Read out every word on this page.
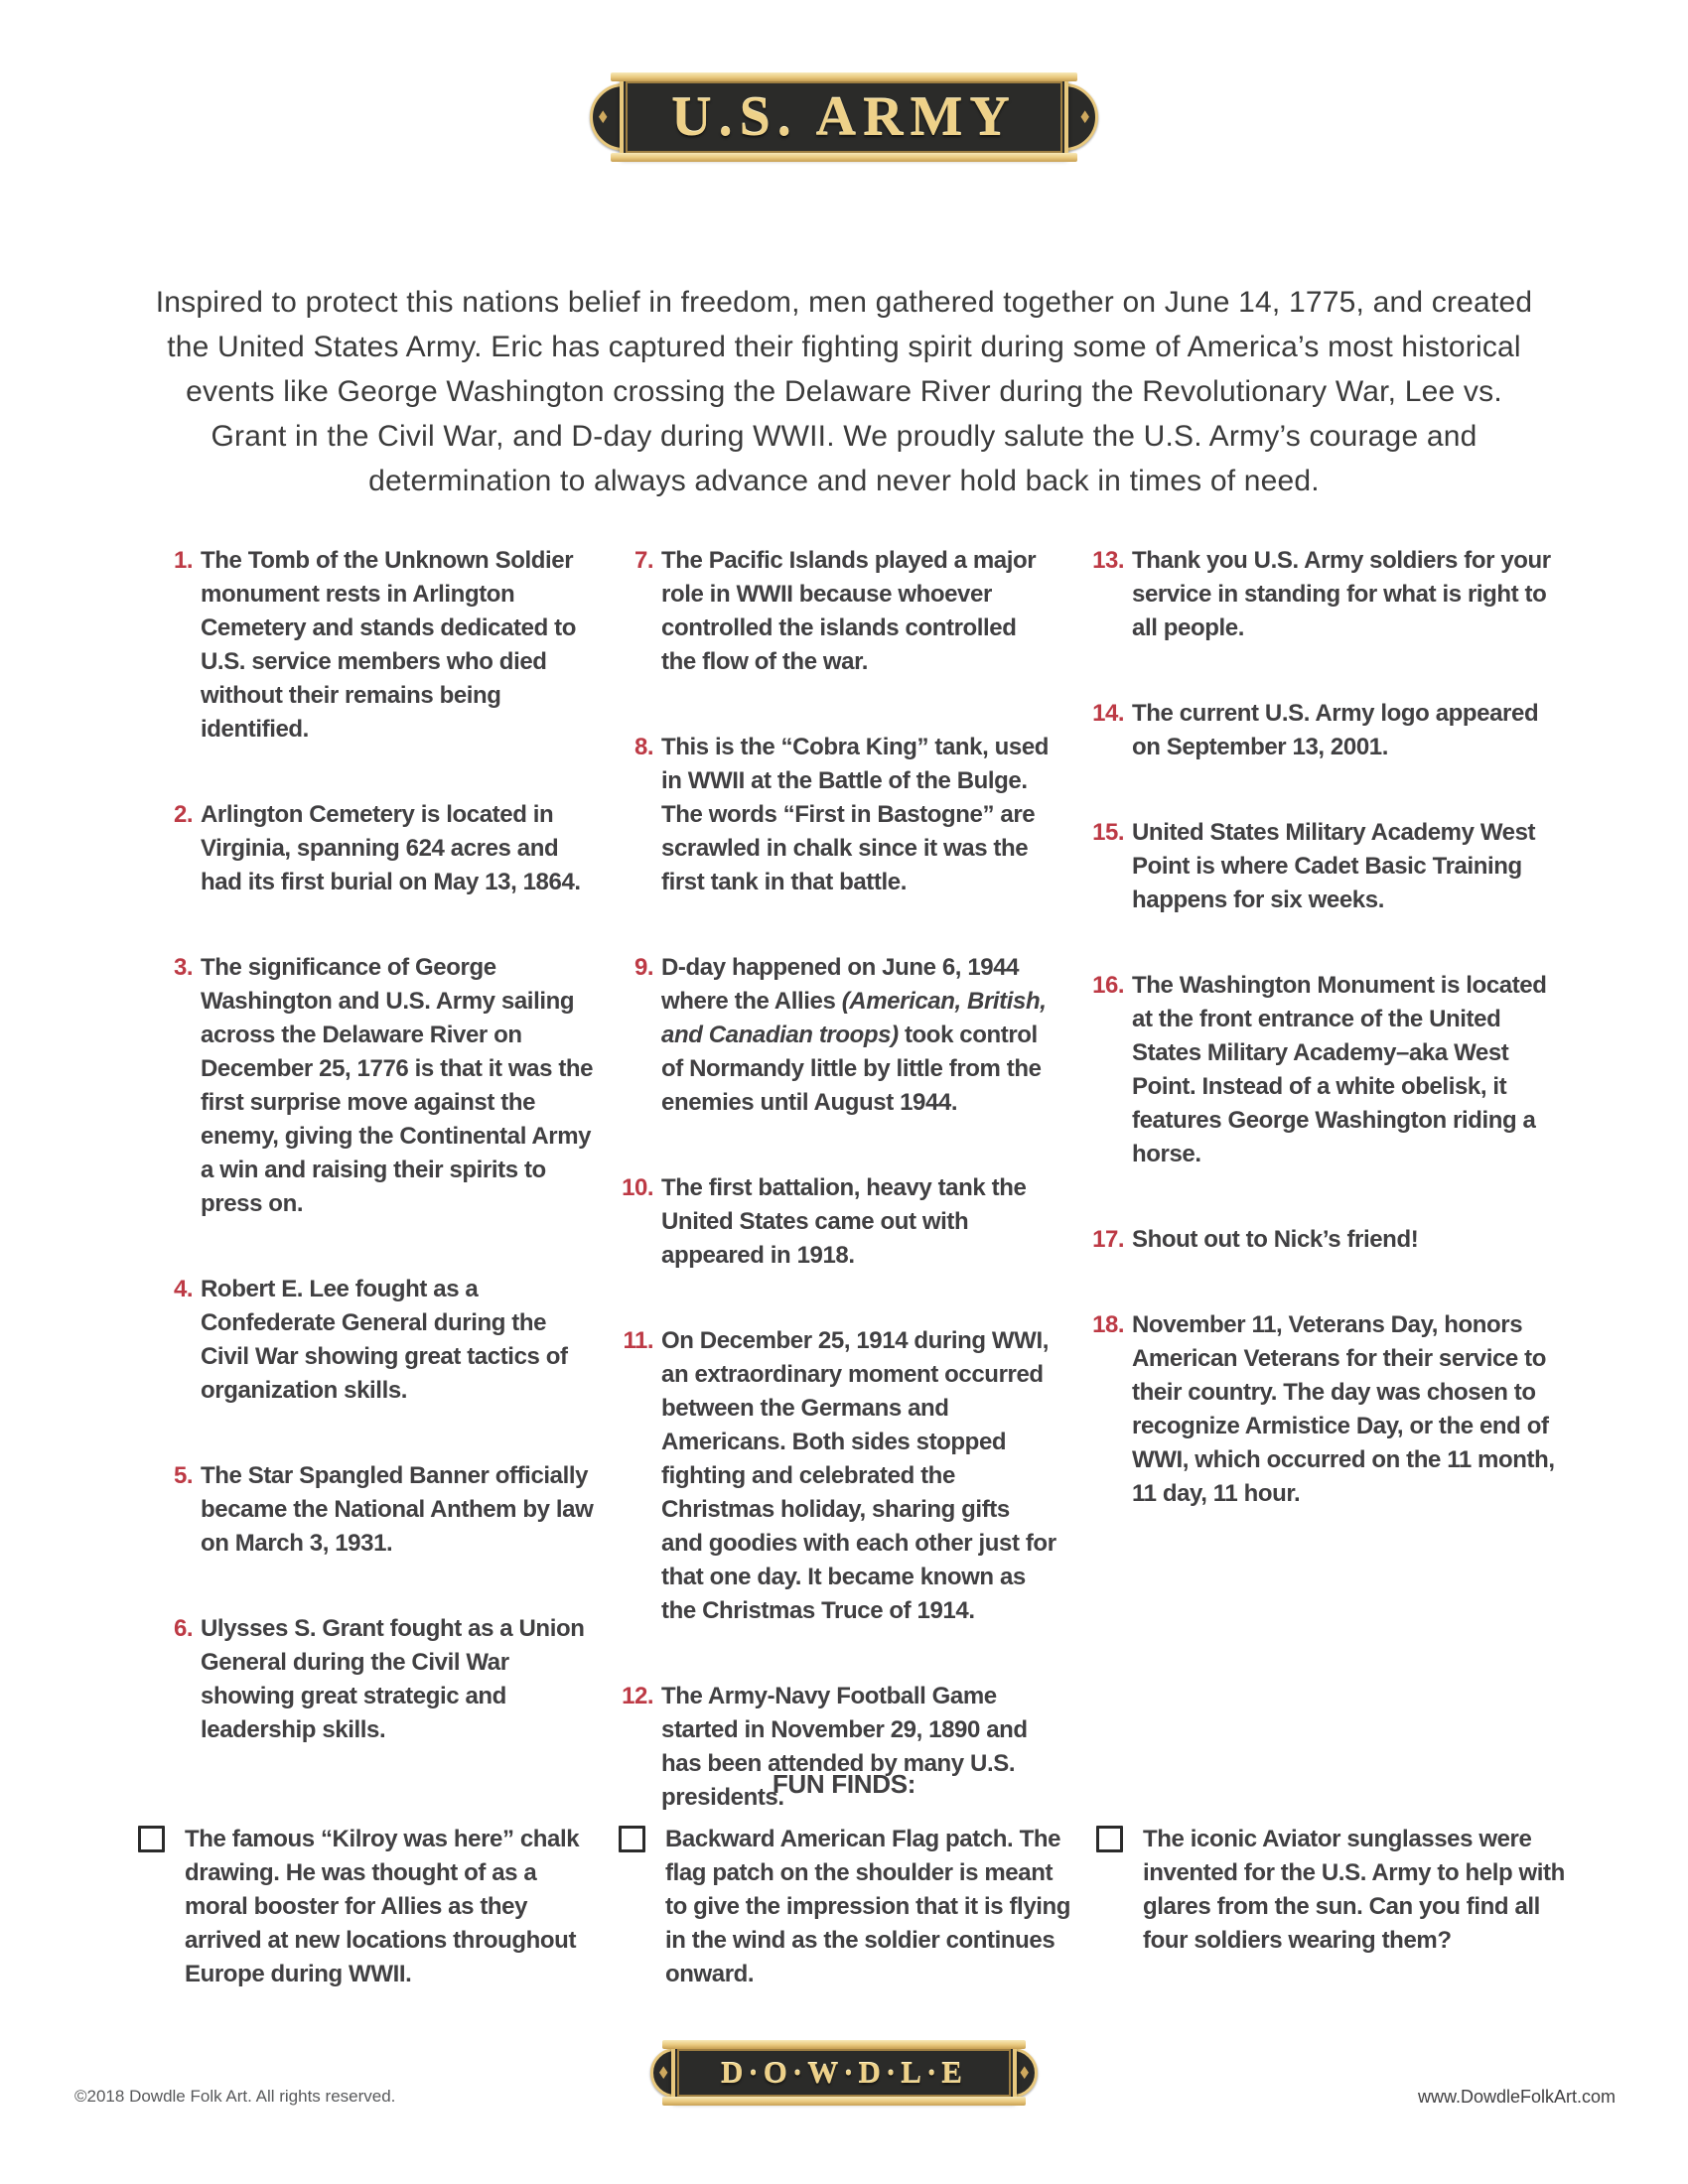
◆	◆
U.S. ARMY

Inspired to protect this nations belief in freedom, men gathered together on June 14, 1775, and created the United States Army. Eric has captured their fighting spirit during some of America’s most historical events like George Washington crossing the Delaware River during the Revolutionary War, Lee vs. Grant in the Civil War, and D-day during WWII. We proudly salute the U.S. Army’s courage and determination to always advance and never hold back in times of need.

1. The Tomb of the Unknown Soldier monument rests in Arlington Cemetery and stands dedicated to U.S. service members who died without their remains being identified.
2. Arlington Cemetery is located in Virginia, spanning 624 acres and had its first burial on May 13, 1864.
3. The significance of George Washington and U.S. Army sailing across the Delaware River on December 25, 1776 is that it was the first surprise move against the enemy, giving the Continental Army a win and raising their spirits to press on.
4. Robert E. Lee fought as a Confederate General during the Civil War showing great tactics of organization skills.
5. The Star Spangled Banner officially became the National Anthem by law on March 3, 1931.
6. Ulysses S. Grant fought as a Union General during the Civil War showing great strategic and leadership skills.
7. The Pacific Islands played a major role in WWII because whoever controlled the islands controlled the flow of the war.
8. This is the “Cobra King” tank, used in WWII at the Battle of the Bulge. The words “First in Bastogne” are scrawled in chalk since it was the first tank in that battle.
9. D-day happened on June 6, 1944 where the Allies (American, British, and Canadian troops) took control of Normandy little by little from the enemies until August 1944.
10. The first battalion, heavy tank the United States came out with appeared in 1918.
11. On December 25, 1914 during WWI, an extraordinary moment occurred between the Germans and Americans. Both sides stopped fighting and celebrated the Christmas holiday, sharing gifts and goodies with each other just for that one day. It became known as the Christmas Truce of 1914.
12. The Army-Navy Football Game started in November 29, 1890 and has been attended by many U.S. presidents.
13. Thank you U.S. Army soldiers for your service in standing for what is right to all people.
14. The current U.S. Army logo appeared on September 13, 2001.
15. United States Military Academy West Point is where Cadet Basic Training happens for six weeks.
16. The Washington Monument is located at the front entrance of the United States Military Academy–aka West Point. Instead of a white obelisk, it features George Washington riding a horse.
17. Shout out to Nick’s friend!
18. November 11, Veterans Day, honors American Veterans for their service to their country. The day was chosen to recognize Armistice Day, or the end of WWI, which occurred on the 11 month, 11 day, 11 hour.
FUN FINDS:
The famous “Kilroy was here” chalk drawing. He was thought of as a moral booster for Allies as they arrived at new locations throughout Europe during WWII.
Backward American Flag patch. The flag patch on the shoulder is meant to give the impression that it is flying in the wind as the soldier continues onward.
The iconic Aviator sunglasses were invented for the U.S. Army to help with glares from the sun. Can you find all four soldiers wearing them?
◆	◆
D·O·W·D·L·E
©2018 Dowdle Folk Art. All rights reserved.	www.DowdleFolkArt.com
